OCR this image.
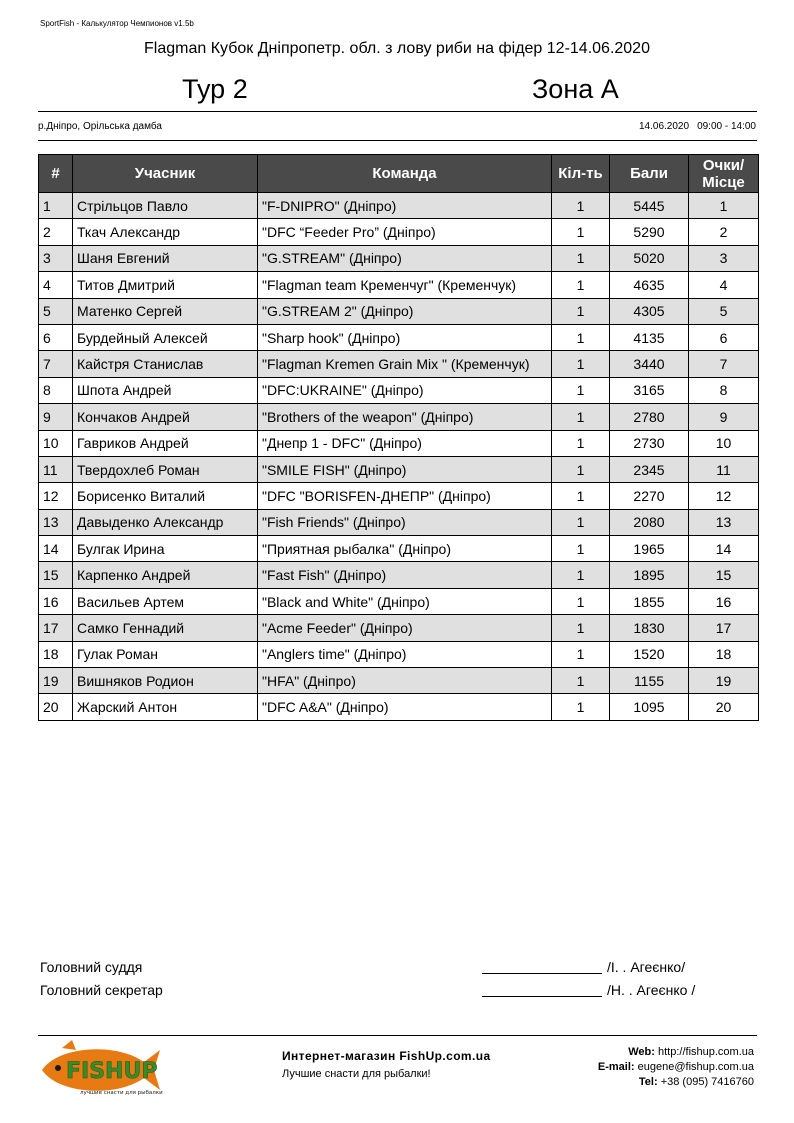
SportFish - Калькулятор Чемпионов v1.5b
Flagman Кубок Дніпропетр. обл. з лову риби на фідер 12-14.06.2020
Тур 2	Зона А
р.Дніпро, Орільська дамба	14.06.2020 09:00 - 14:00
#	Учасник	Команда	Кіл-ть	Бали	Очки/ Місце
1	Стрільцов Павло	"F-DNIPRO" (Дніпро)	1	5445	1
2	Ткач Александр	"DFC “Feeder Pro” (Дніпро)	1	5290	2
3	Шаня Евгений	"G.STREAM" (Дніпро)	1	5020	3
4	Титов Дмитрий	"Flagman team Кременчуг" (Кременчук)	1	4635	4
5	Матенко Сергей	"G.STREAM 2" (Дніпро)	1	4305	5
6	Бурдейный Алексей	"Sharp hook" (Дніпро)	1	4135	6
7	Кайстря Станислав	"Flagman Kremen Grain Mix " (Кременчук)	1	3440	7
8	Шпота Андрей	"DFC:UKRAINE" (Дніпро)	1	3165	8
9	Кончаков Андрей	"Brothers of the weapon" (Дніпро)	1	2780	9
10	Гавриков Андрей	"Днепр 1 - DFC" (Дніпро)	1	2730	10
11	Твердохлеб Роман	"SMILE FISH" (Дніпро)	1	2345	11
12	Борисенко Виталий	"DFC "BORISFEN-ДНЕПР" (Дніпро)	1	2270	12
13	Давыденко Александр	"Fish Friends" (Дніпро)	1	2080	13
14	Булгак Ирина	"Приятная рыбалка" (Дніпро)	1	1965	14
15	Карпенко Андрей	"Fast Fish" (Дніпро)	1	1895	15
16	Васильев Артем	"Black and White" (Дніпро)	1	1855	16
17	Самко Геннадий	"Acme Feeder" (Дніпро)	1	1830	17
18	Гулак Роман	"Anglers time" (Дніпро)	1	1520	18
19	Вишняков Родион	"HFA" (Дніпро)	1	1155	19
20	Жарский Антон	"DFC A&A" (Дніпро)	1	1095	20
Головний суддя	/І. . Агеєнко/
Головний секретар	/Н. . Агеєнко /
FISHUP
лучшие снасти для рыбалки
Интернет-магазин FishUp.com.ua
Лучшие снасти для рыбалки!
Web: http://fishup.com.ua
E-mail: eugene@fishup.com.ua
Tel: +38 (095) 7416760
